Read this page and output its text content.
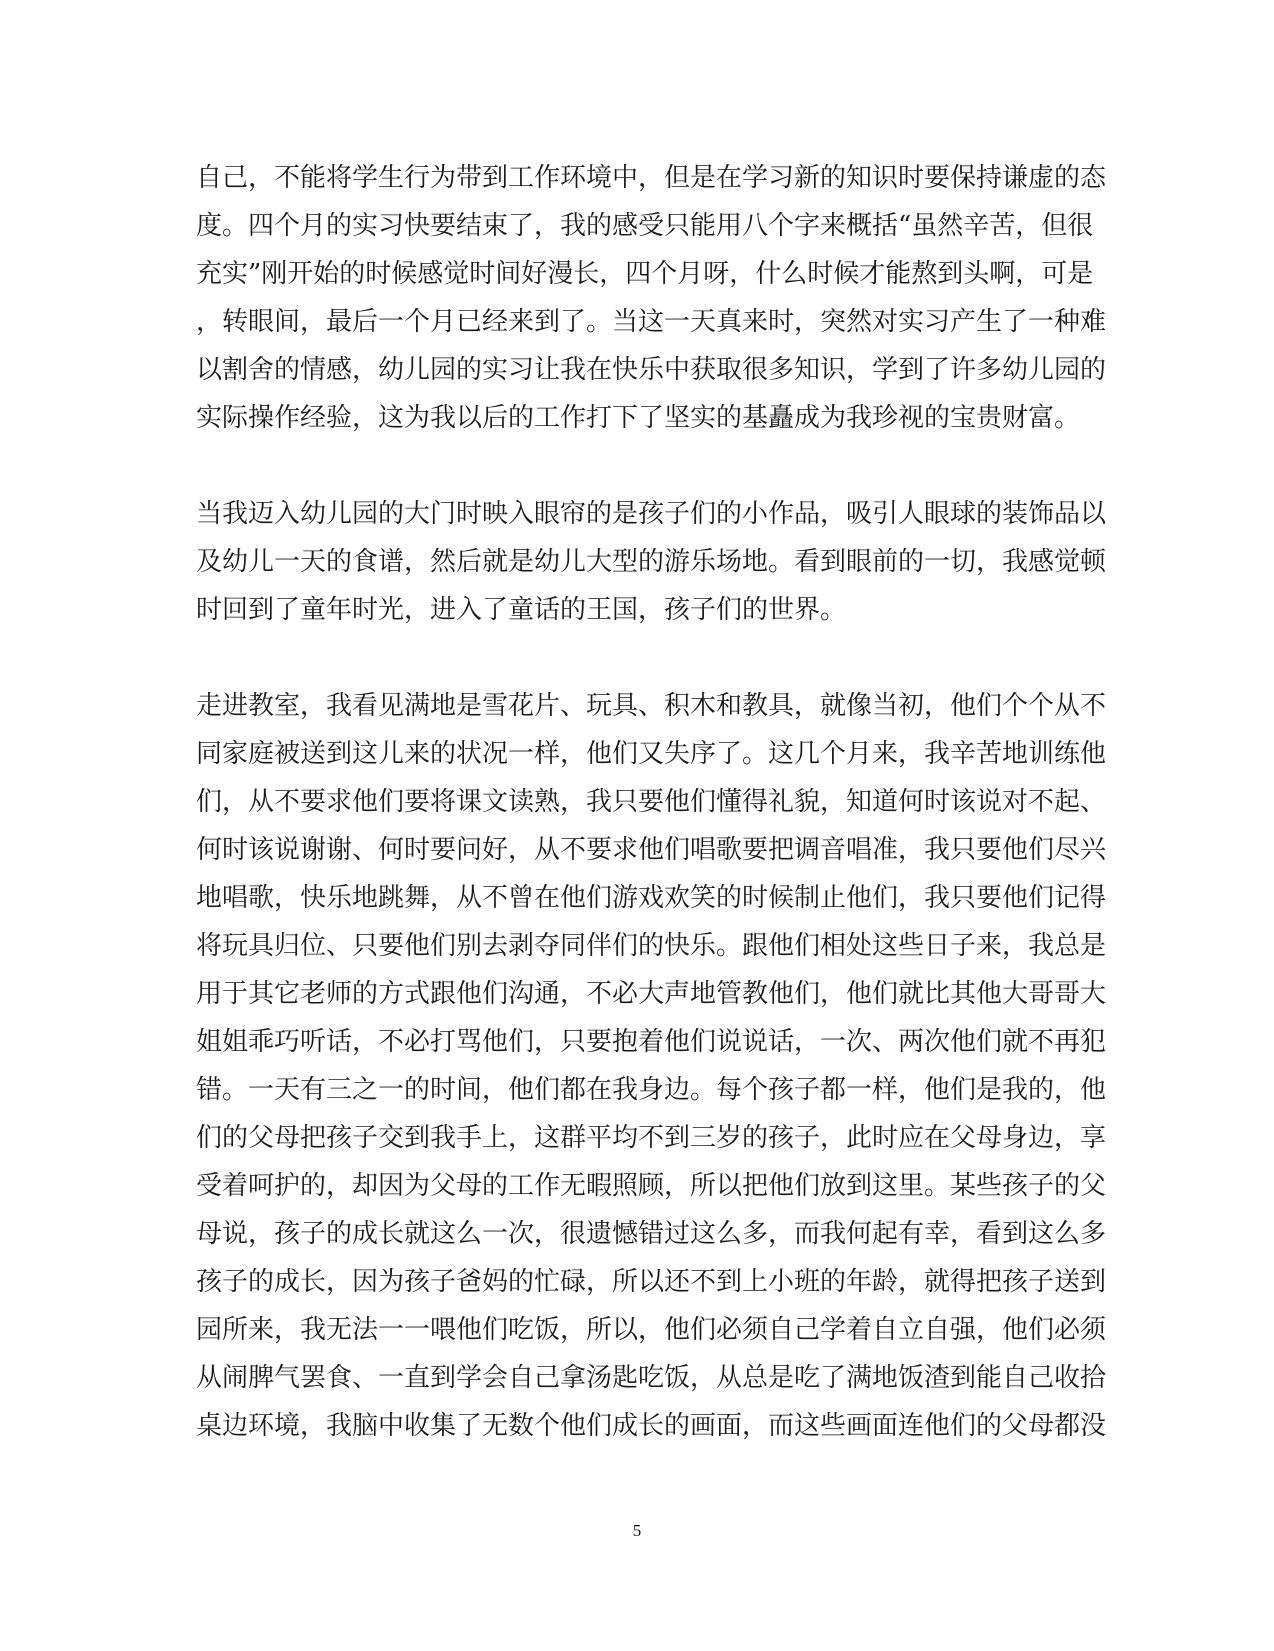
自己，不能将学生行为带到工作环境中，但是在学习新的知识时要保持谦虚的态
度。四个月的实习快要结束了，我的感受只能用八个字来概括“虽然辛苦，但很
充实”刚开始的时候感觉时间好漫长，四个月呀，什么时候才能熬到头啊，可是
，转眼间，最后一个月已经来到了。当这一天真来时，突然对实习产生了一种难
以割舍的情感，幼儿园的实习让我在快乐中获取很多知识，学到了许多幼儿园的
实际操作经验，这为我以后的工作打下了坚实的基矗成为我珍视的宝贵财富。
当我迈入幼儿园的大门时映入眼帘的是孩子们的小作品，吸引人眼球的装饰品以
及幼儿一天的食谱，然后就是幼儿大型的游乐场地。看到眼前的一切，我感觉顿
时回到了童年时光，进入了童话的王国，孩子们的世界。
走进教室，我看见满地是雪花片、玩具、积木和教具，就像当初，他们个个从不
同家庭被送到这儿来的状况一样，他们又失序了。这几个月来，我辛苦地训练他
们，从不要求他们要将课文读熟，我只要他们懂得礼貌，知道何时该说对不起、
何时该说谢谢、何时要问好，从不要求他们唱歌要把调音唱准，我只要他们尽兴
地唱歌，快乐地跳舞，从不曾在他们游戏欢笑的时候制止他们，我只要他们记得
将玩具归位、只要他们别去剥夺同伴们的快乐。跟他们相处这些日子来，我总是
用于其它老师的方式跟他们沟通，不必大声地管教他们，他们就比其他大哥哥大
姐姐乖巧听话，不必打骂他们，只要抱着他们说说话，一次、两次他们就不再犯
错。一天有三之一的时间，他们都在我身边。每个孩子都一样，他们是我的，他
们的父母把孩子交到我手上，这群平均不到三岁的孩子，此时应在父母身边，享
受着呵护的，却因为父母的工作无暇照顾，所以把他们放到这里。某些孩子的父
母说，孩子的成长就这么一次，很遗憾错过这么多，而我何起有幸，看到这么多
孩子的成长，因为孩子爸妈的忙碌，所以还不到上小班的年龄，就得把孩子送到
园所来，我无法一一喂他们吃饭，所以，他们必须自己学着自立自强，他们必须
从闹脾气罢食、一直到学会自己拿汤匙吃饭，从总是吃了满地饭渣到能自己收拾
桌边环境，我脑中收集了无数个他们成长的画面，而这些画面连他们的父母都没
5
